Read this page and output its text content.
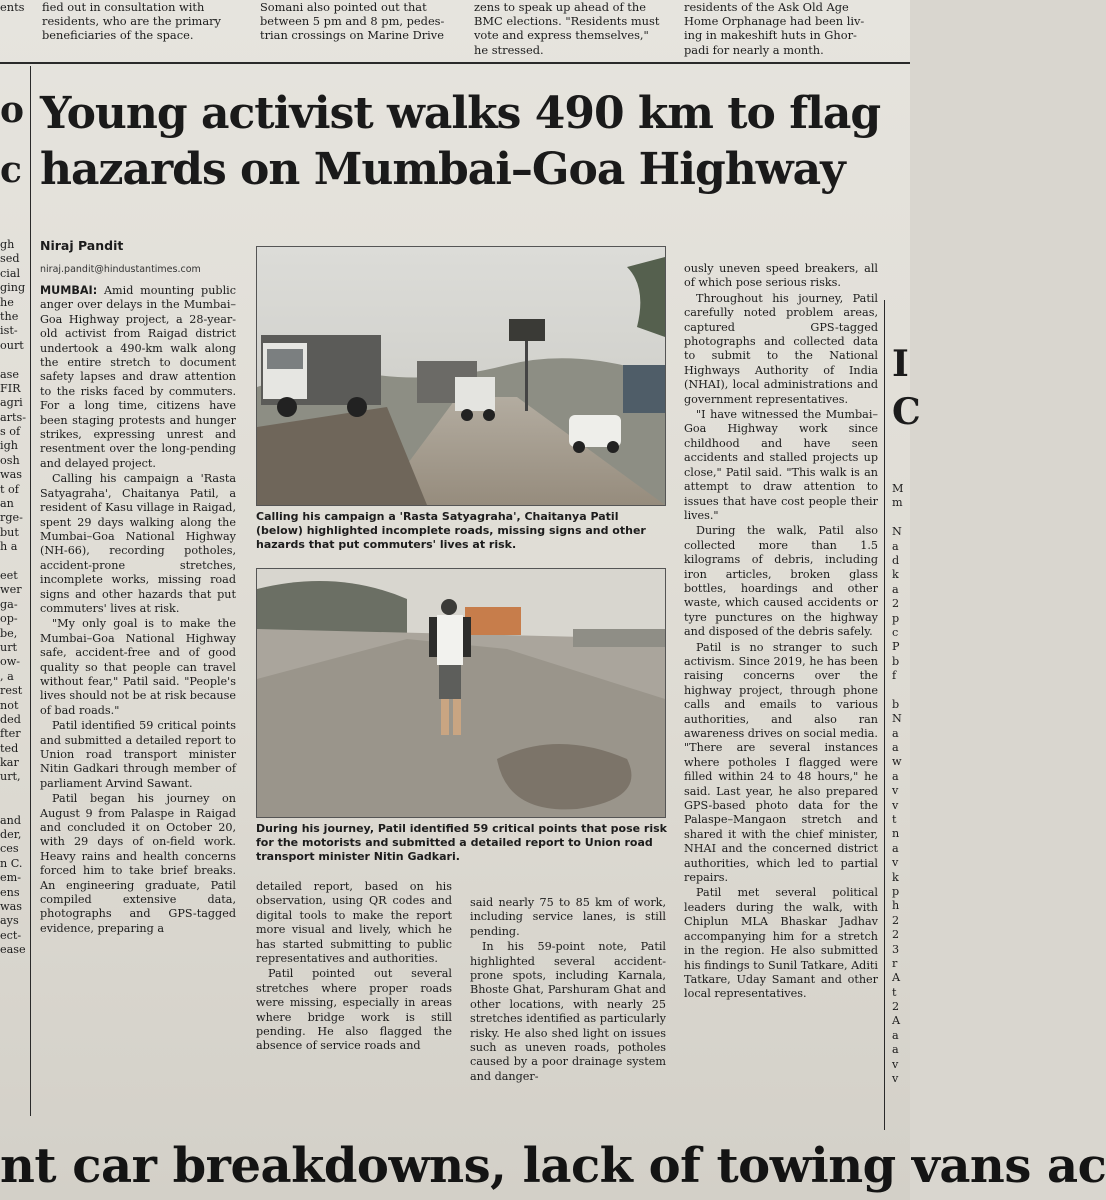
fied out in consultation with
residents, who are the primary
beneficiaries of the space.
ents	Somani also pointed out that
between 5 pm and 8 pm, pedes-
trian crossings on Marine Drive
zens to speak up ahead of the
BMC elections. "Residents must
vote and express themselves,"
he stressed.
residents of the Ask Old Age
Home Orphanage had been liv-
ing in makeshift huts in Ghor-
padi for nearly a month.
gh
sed
cial
ging
he
the
ist-
ourt

ase
FIR
agri
arts-
s of
igh
osh
was
t of
an
rge-
but
h a

eet
wer
ga-
op-
be,
urt
ow-
, a
rest
not
ded
fter
ted
kar
urt,

and
der,
ces
n C.
em-
ens
was
ays
ect-
ease
Young activist walks 490 km to flag
hazards on Mumbai–Goa Highway
Niraj Pandit
niraj.pandit@hindustantimes.com

MUMBAI: Amid mounting public anger over delays in the Mumbai–Goa Highway project, a 28-year-old activist from Raigad district undertook a 490-km walk along the entire stretch to document safety lapses and draw attention to the risks faced by commuters. For a long time, citizens have been staging protests and hunger strikes, expressing unrest and resentment over the long-pending and delayed project.

Calling his campaign a 'Rasta Satyagraha', Chaitanya Patil, a resident of Kasu village in Raigad, spent 29 days walking along the Mumbai–Goa National Highway (NH-66), recording potholes, accident-prone stretches, incomplete works, missing road signs and other hazards that put commuters' lives at risk.

"My only goal is to make the Mumbai–Goa National Highway safe, accident-free and of good quality so that people can travel without fear," Patil said. "People's lives should not be at risk because of bad roads."

Patil identified 59 critical points and submitted a detailed report to Union road transport minister Nitin Gadkari through member of parliament Arvind Sawant.

Patil began his journey on August 9 from Palaspe in Raigad and concluded it on October 20, with 29 days of on-field work. Heavy rains and health concerns forced him to take brief breaks. An engineering graduate, Patil compiled extensive data, photographs and GPS-tagged evidence, preparing a

Calling his campaign a 'Rasta Satyagraha', Chaitanya Patil (below) highlighted incomplete roads, missing signs and other hazards that put commuters' lives at risk.
During his journey, Patil identified 59 critical points that pose risk for the motorists and submitted a detailed report to Union road transport minister Nitin Gadkari.

detailed report, based on his observation, using QR codes and digital tools to make the report more visual and lively, which he has started submitting to public representatives and authorities.

Patil pointed out several stretches where proper roads were missing, especially in areas where bridge work is still pending. He also flagged the absence of service roads and

said nearly 75 to 85 km of work, including service lanes, is still pending.

In his 59-point note, Patil highlighted several accident-prone spots, including Karnala, Bhoste Ghat, Parshuram Ghat and other locations, with nearly 25 stretches identified as particularly risky. He also shed light on issues such as uneven roads, potholes caused by a poor drainage system and danger-

ously uneven speed breakers, all of which pose serious risks.

Throughout his journey, Patil carefully noted problem areas, captured GPS-tagged photographs and collected data to submit to the National Highways Authority of India (NHAI), local administrations and government representatives.

"I have witnessed the Mumbai–Goa Highway work since childhood and have seen accidents and stalled projects up close," Patil said. "This walk is an attempt to draw attention to issues that have cost people their lives."

During the walk, Patil also collected more than 1.5 kilograms of debris, including iron articles, broken glass bottles, hoardings and other waste, which caused accidents or tyre punctures on the highway and disposed of the debris safely.

Patil is no stranger to such activism. Since 2019, he has been raising concerns over the highway project, through phone calls and emails to various authorities, and also ran awareness drives on social media. "There are several instances where potholes I flagged were filled within 24 to 48 hours," he said. Last year, he also prepared GPS-based photo data for the Palaspe–Mangaon stretch and shared it with the chief minister, NHAI and the concerned district authorities, which led to partial repairs.

Patil met several political leaders during the walk, with Chiplun MLA Bhaskar Jadhav accompanying him for a stretch in the region. He also submitted his findings to Sunil Tatkare, Aditi Tatkare, Uday Samant and other local representatives.

I
C
M
m

N
a
d
k
a
2
p
c
P
b
f

b
N
a
a
w
a
v
v
t
n
a
v
k
p
h
2
2
3
r
A
t
2
A
a
a
v
v
o
c
nt car breakdowns, lack of towing vans ac
